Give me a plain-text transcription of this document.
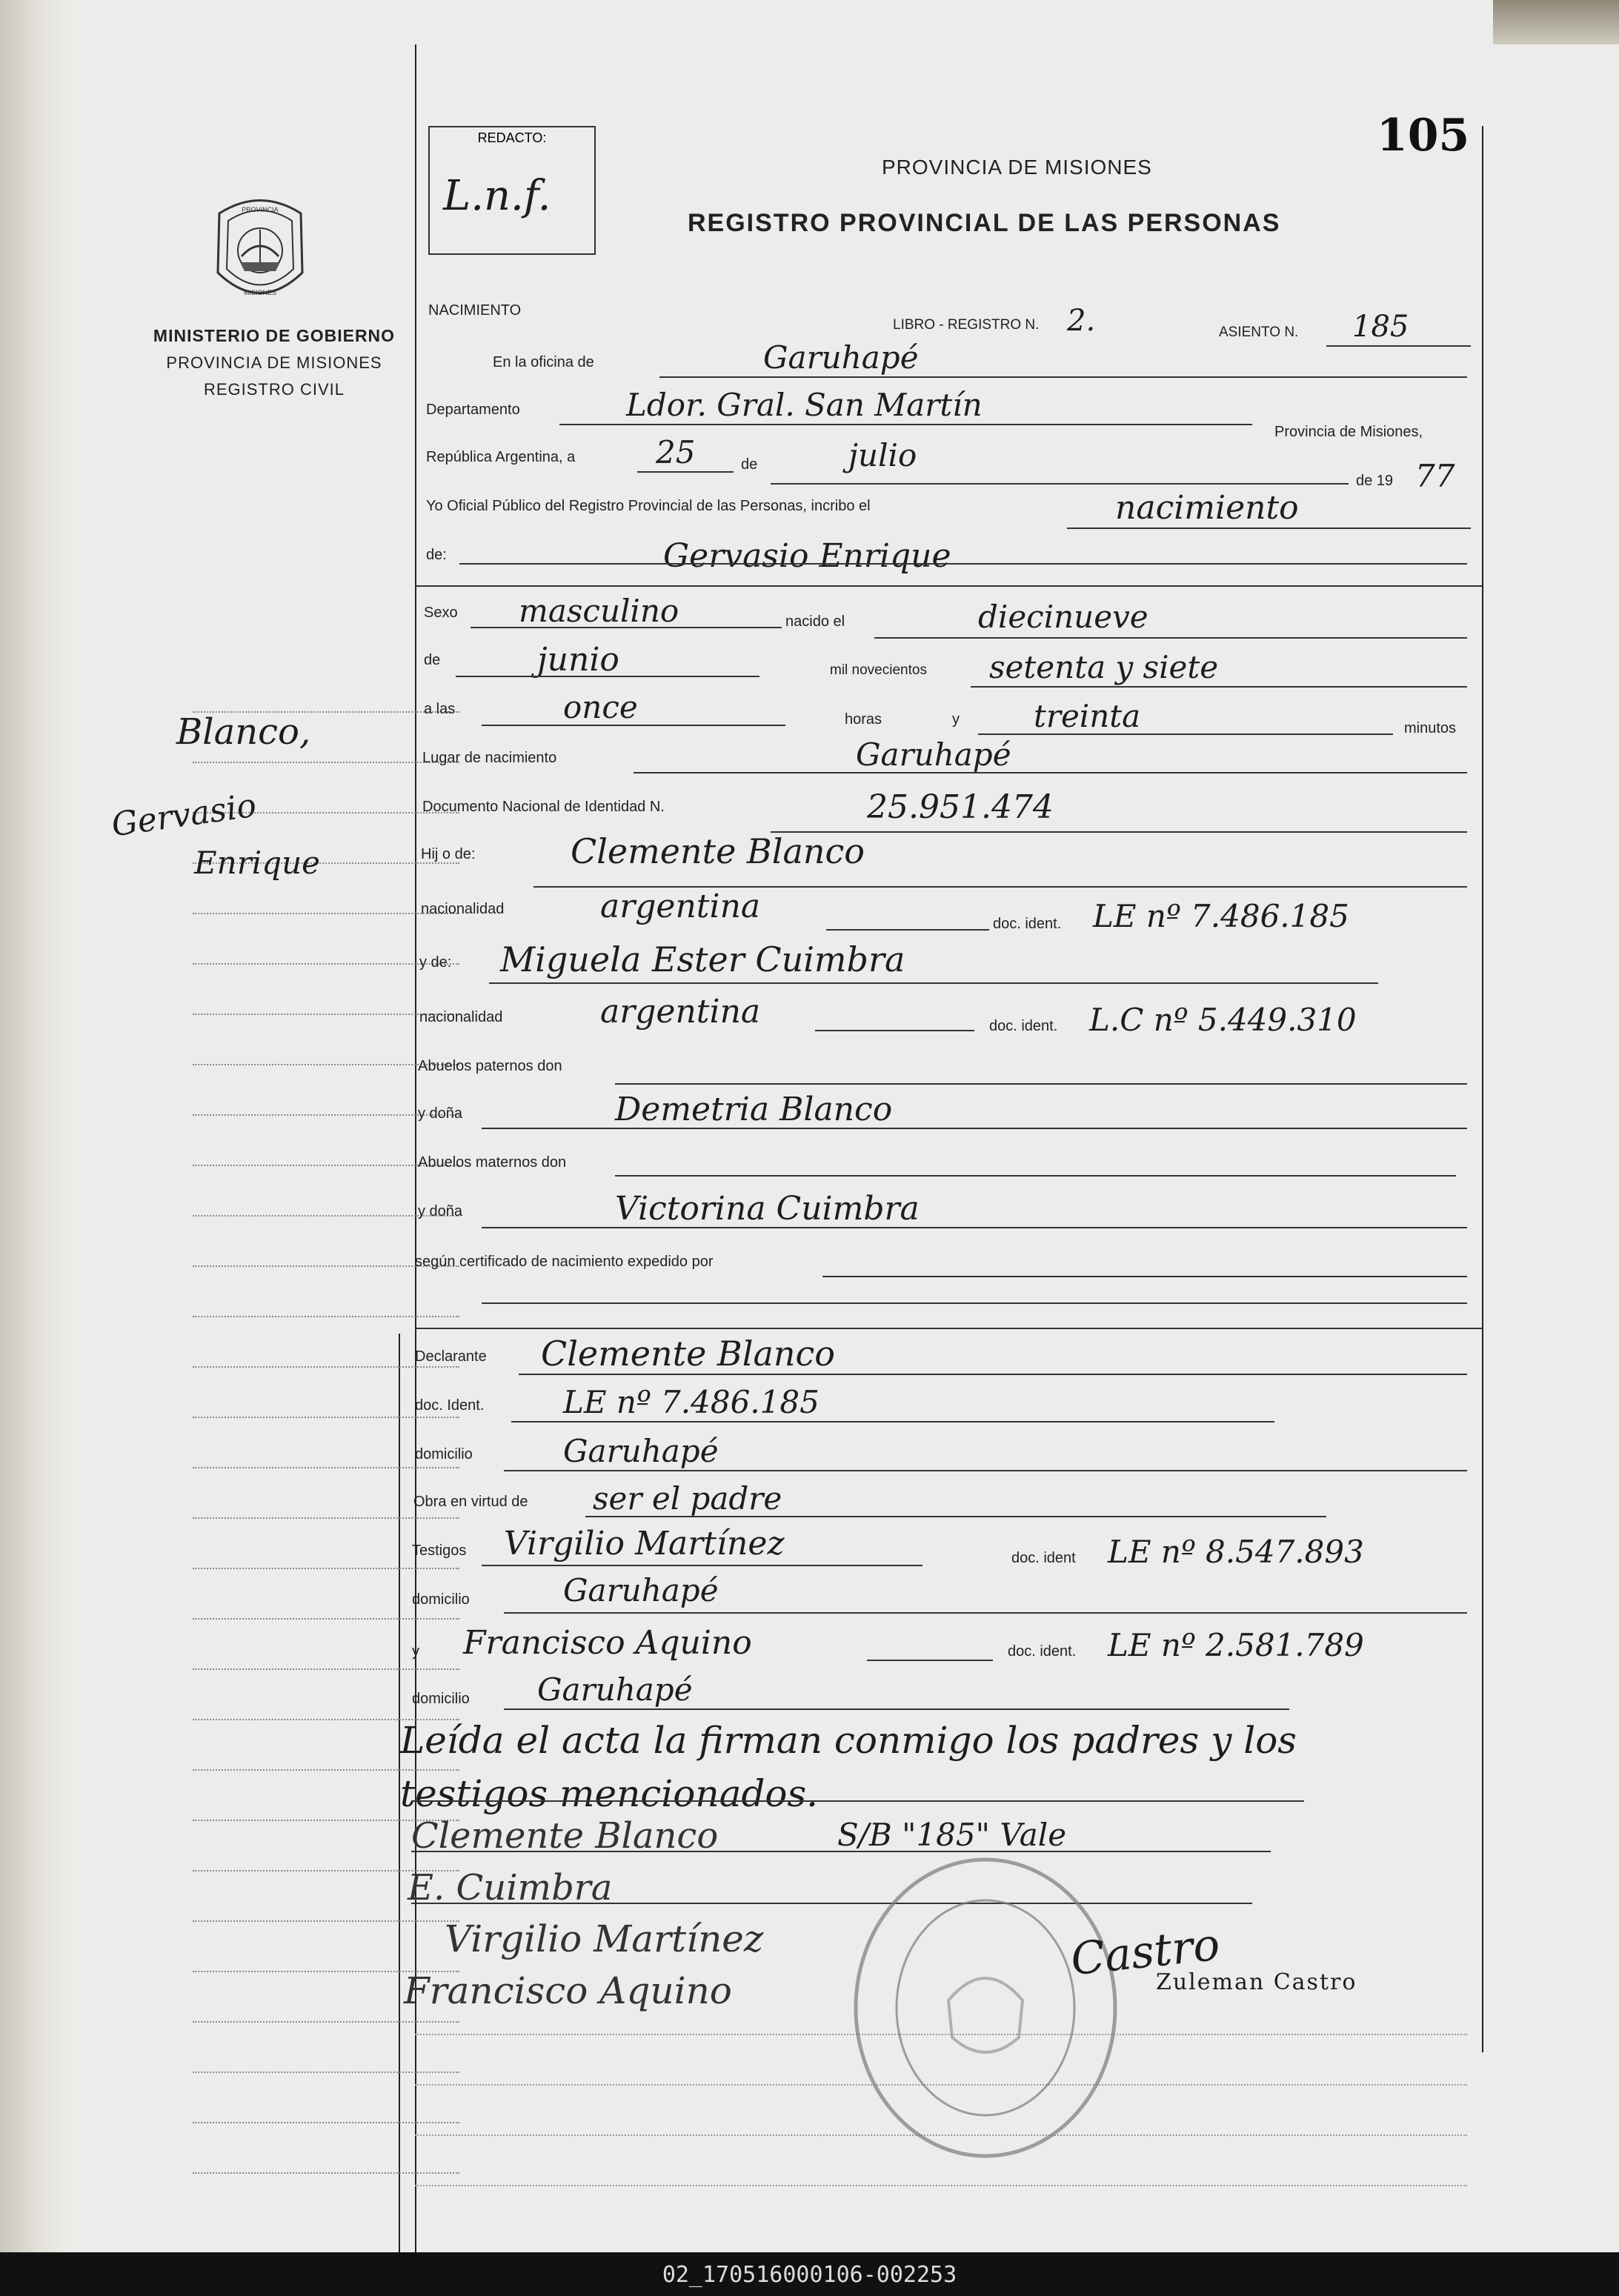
PROVINCIA
MISIONES
MINISTERIO DE GOBIERNO
PROVINCIA DE MISIONES
REGISTRO CIVIL
Blanco,
Gervasio
Enrique
REDACTO:
L.n.f.
105
PROVINCIA DE MISIONES
REGISTRO PROVINCIAL DE LAS PERSONAS
NACIMIENTO
LIBRO - REGISTRO N. 2.	ASIENTO N. 185
En la oficina de	Garuhapé
Departamento	Ldor. Gral. San Martín
Provincia de Misiones,
República Argentina, a	25	de	julio
de 19 77
Yo Oficial Público del Registro Provincial de las Personas, incribo el	nacimiento
de:	Gervasio Enrique
Sexo masculino	nacido el	diecinueve
de	junio	mil novecientos setenta y siete
a las	once	horas	y treinta	minutos
Lugar de nacimiento	Garuhapé
Documento Nacional de Identidad N.	25.951.474
Hij o de:	Clemente Blanco
nacionalidad	argentina	doc. ident. LE nº 7.486.185
y de: Miguela Ester Cuimbra
nacionalidad	argentina	doc. ident. L.C nº 5.449.310
Abuelos paternos don
y doña	Demetria Blanco
Abuelos maternos don
y doña	Victorina Cuimbra
según certificado de nacimiento expedido por
Declarante Clemente Blanco
doc. Ident.	LE nº 7.486.185
domicilio	Garuhapé
Obra en virtud de ser el padre
Testigos Virgilio Martínez	doc. ident LE nº 8.547.893
domicilio	Garuhapé
y Francisco Aquino	doc. ident. LE nº 2.581.789
domicilio Garuhapé
Leída el acta la firman conmigo los padres y los
testigos mencionados.
Clemente Blanco	S/B "185" Vale
E. Cuimbra
Virgilio Martínez
Francisco Aquino
Castro
Zuleman Castro
02_170516000106-002253
